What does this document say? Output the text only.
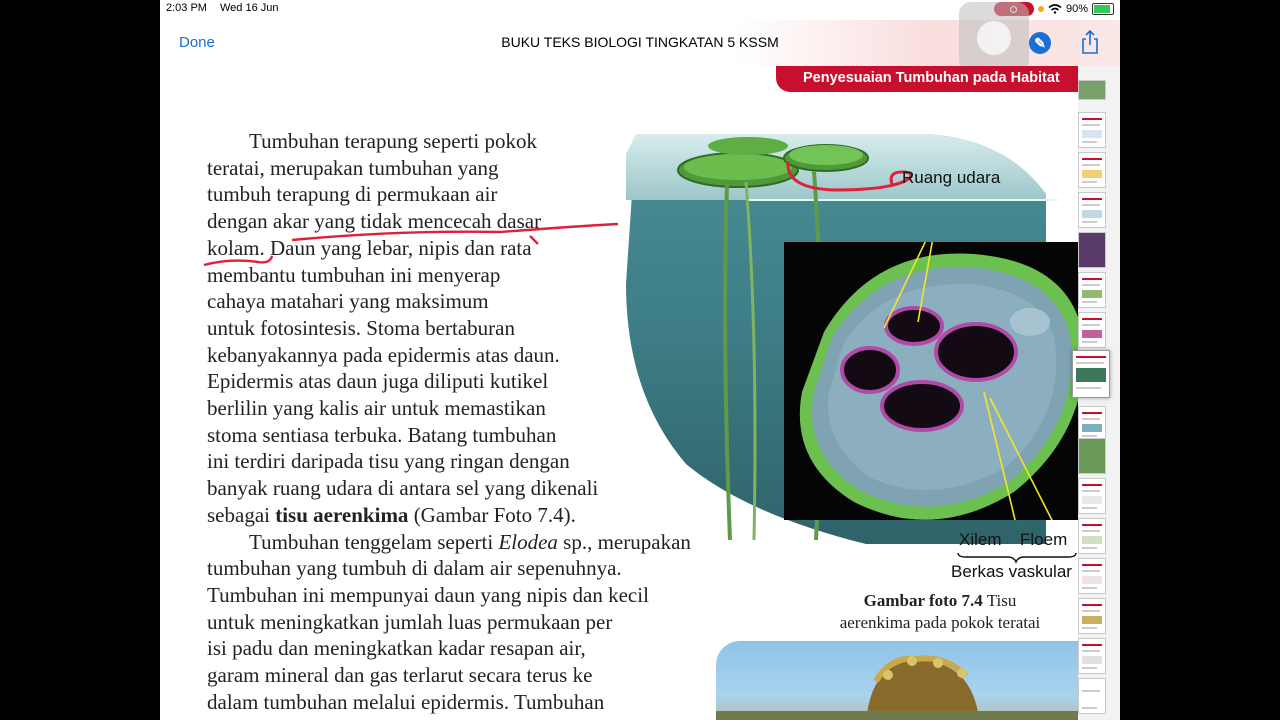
2:03 PM Wed 16 Jun	90%
Done	BUKU TEKS BIOLOGI TINGKATAN 5 KSSM	✎
Penyesuaian Tumbuhan pada Habitat
Ruang udara
Xilem Floem
Berkas vaskular
Gambar foto 7.4 Tisu
aerenkima pada pokok teratai
Tumbuhan terapung seperti pokok
teratai, merupakan tumbuhan yang
tumbuh terapung di permukaan air
dengan akar yang tidak mencecah dasar
kolam. Daun yang lebar, nipis dan rata
membantu tumbuhan ini menyerap
cahaya matahari yang maksimum
untuk fotosintesis. Stoma bertaburan
kebanyakannya pada epidermis atas daun.
Epidermis atas daun juga diliputi kutikel
berlilin yang kalis air untuk memastikan
stoma sentiasa terbuka. Batang tumbuhan
ini terdiri daripada tisu yang ringan dengan
banyak ruang udara di antara sel yang dikenali
sebagai tisu aerenkima (Gambar Foto 7.4).
Tumbuhan tenggelam seperti Elodea sp., merupakan
tumbuhan yang tumbuh di dalam air sepenuhnya.
Tumbuhan ini mempunyai daun yang nipis dan kecil
untuk meningkatkan jumlah luas permukaan per
isi padu dan meningkatkan kadar resapan air,
garam mineral dan gas terlarut secara terus ke
dalam tumbuhan melalui epidermis. Tumbuhan
